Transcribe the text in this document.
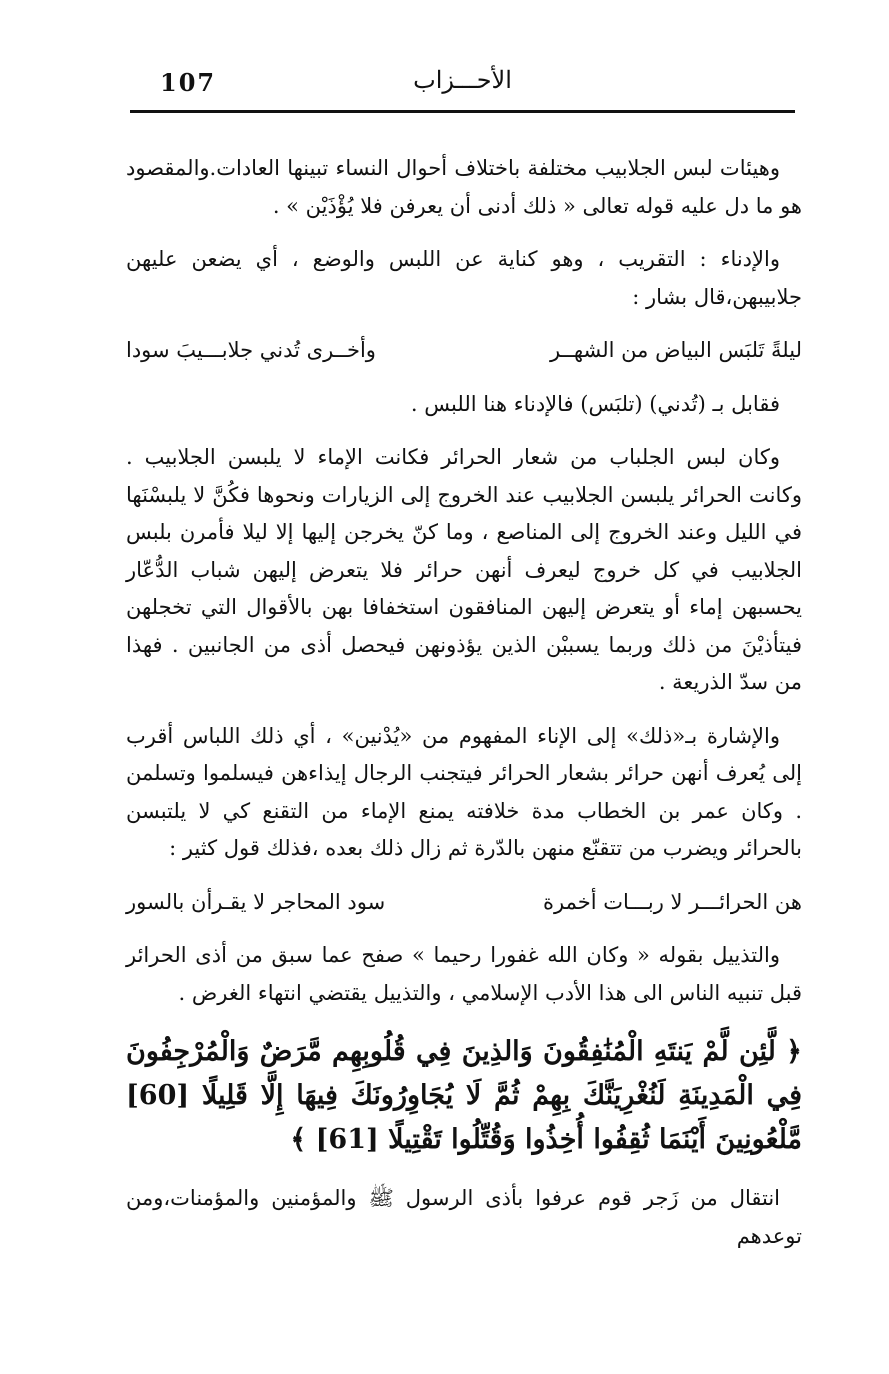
107	الأحـــزاب

وهيئات لبس الجلابيب مختلفة باختلاف أحوال النساء تبينها العادات.والمقصود هو ما دل عليه قوله تعالى « ذلك أدنى أن يعرفن فلا يُؤْذَيْن » .

والإدناء : التقريب ، وهو كناية عن اللبس والوضع ، أي يضعن عليهن جلابيبهن،قال بشار :

ليلةً تَلبَس البياض من الشهــر
وأخــرى تُدني جلابـــيبَ سودا

فقابل بـ (تُدني) (تلبَس) فالإدناء هنا اللبس .

وكان لبس الجلباب من شعار الحرائر فكانت الإماء لا يلبسن الجلابيب . وكانت الحرائر يلبسن الجلابيب عند الخروج إلى الزيارات ونحوها فكُنَّ لا يلبسْنَها في الليل وعند الخروج إلى المناصع ، وما كنّ يخرجن إليها إلا ليلا فأمرن بلبس الجلابيب في كل خروج ليعرف أنهن حرائر فلا يتعرض إليهن شباب الدُّعّار يحسبهن إماء أو يتعرض إليهن المنافقون استخفافا بهن بالأقوال التي تخجلهن فيتأذيْنَ من ذلك وربما يسببْن الذين يؤذونهن فيحصل أذى من الجانبين . فهذا من سدّ الذريعة .

والإشارة بـ«ذلك» إلى الإناء المفهوم من «يُدْنين» ، أي ذلك اللباس أقرب إلى يُعرف أنهن حرائر بشعار الحرائر فيتجنب الرجال إيذاءهن فيسلموا وتسلمن . وكان عمر بن الخطاب مدة خلافته يمنع الإماء من التقنع كي لا يلتبسن بالحرائر ويضرب من تتقنّع منهن بالدّرة ثم زال ذلك بعده ،فذلك قول كثير :

هن الحرائـــر لا ربـــات أخمرة
سود المحاجر لا يقـرأن بالسور

والتذييل بقوله « وكان الله غفورا رحيما » صفح عما سبق من أذى الحرائر قبل تنبيه الناس الى هذا الأدب الإسلامي ، والتذييل يقتضي انتهاء الغرض .

﴿ لَّئِن لَّمْ يَنتَهِ الْمُنَٰفِقُونَ وَالذِينَ فِي قُلُوبِهِم مَّرَضٌ وَالْمُرْجِفُونَ فِي الْمَدِينَةِ لَنُغْرِيَنَّكَ بِهِمْ ثُمَّ لَا يُجَاوِرُونَكَ فِيهَا إِلَّا قَلِيلًا [60] مَّلْعُونِينَ أَيْنَمَا ثُقِفُوا أُخِذُوا وَقُتِّلُوا تَقْتِيلًا [61] ﴾

انتقال من زَجر قوم عرفوا بأذى الرسول ﷺ والمؤمنين والمؤمنات،ومن توعدهم
